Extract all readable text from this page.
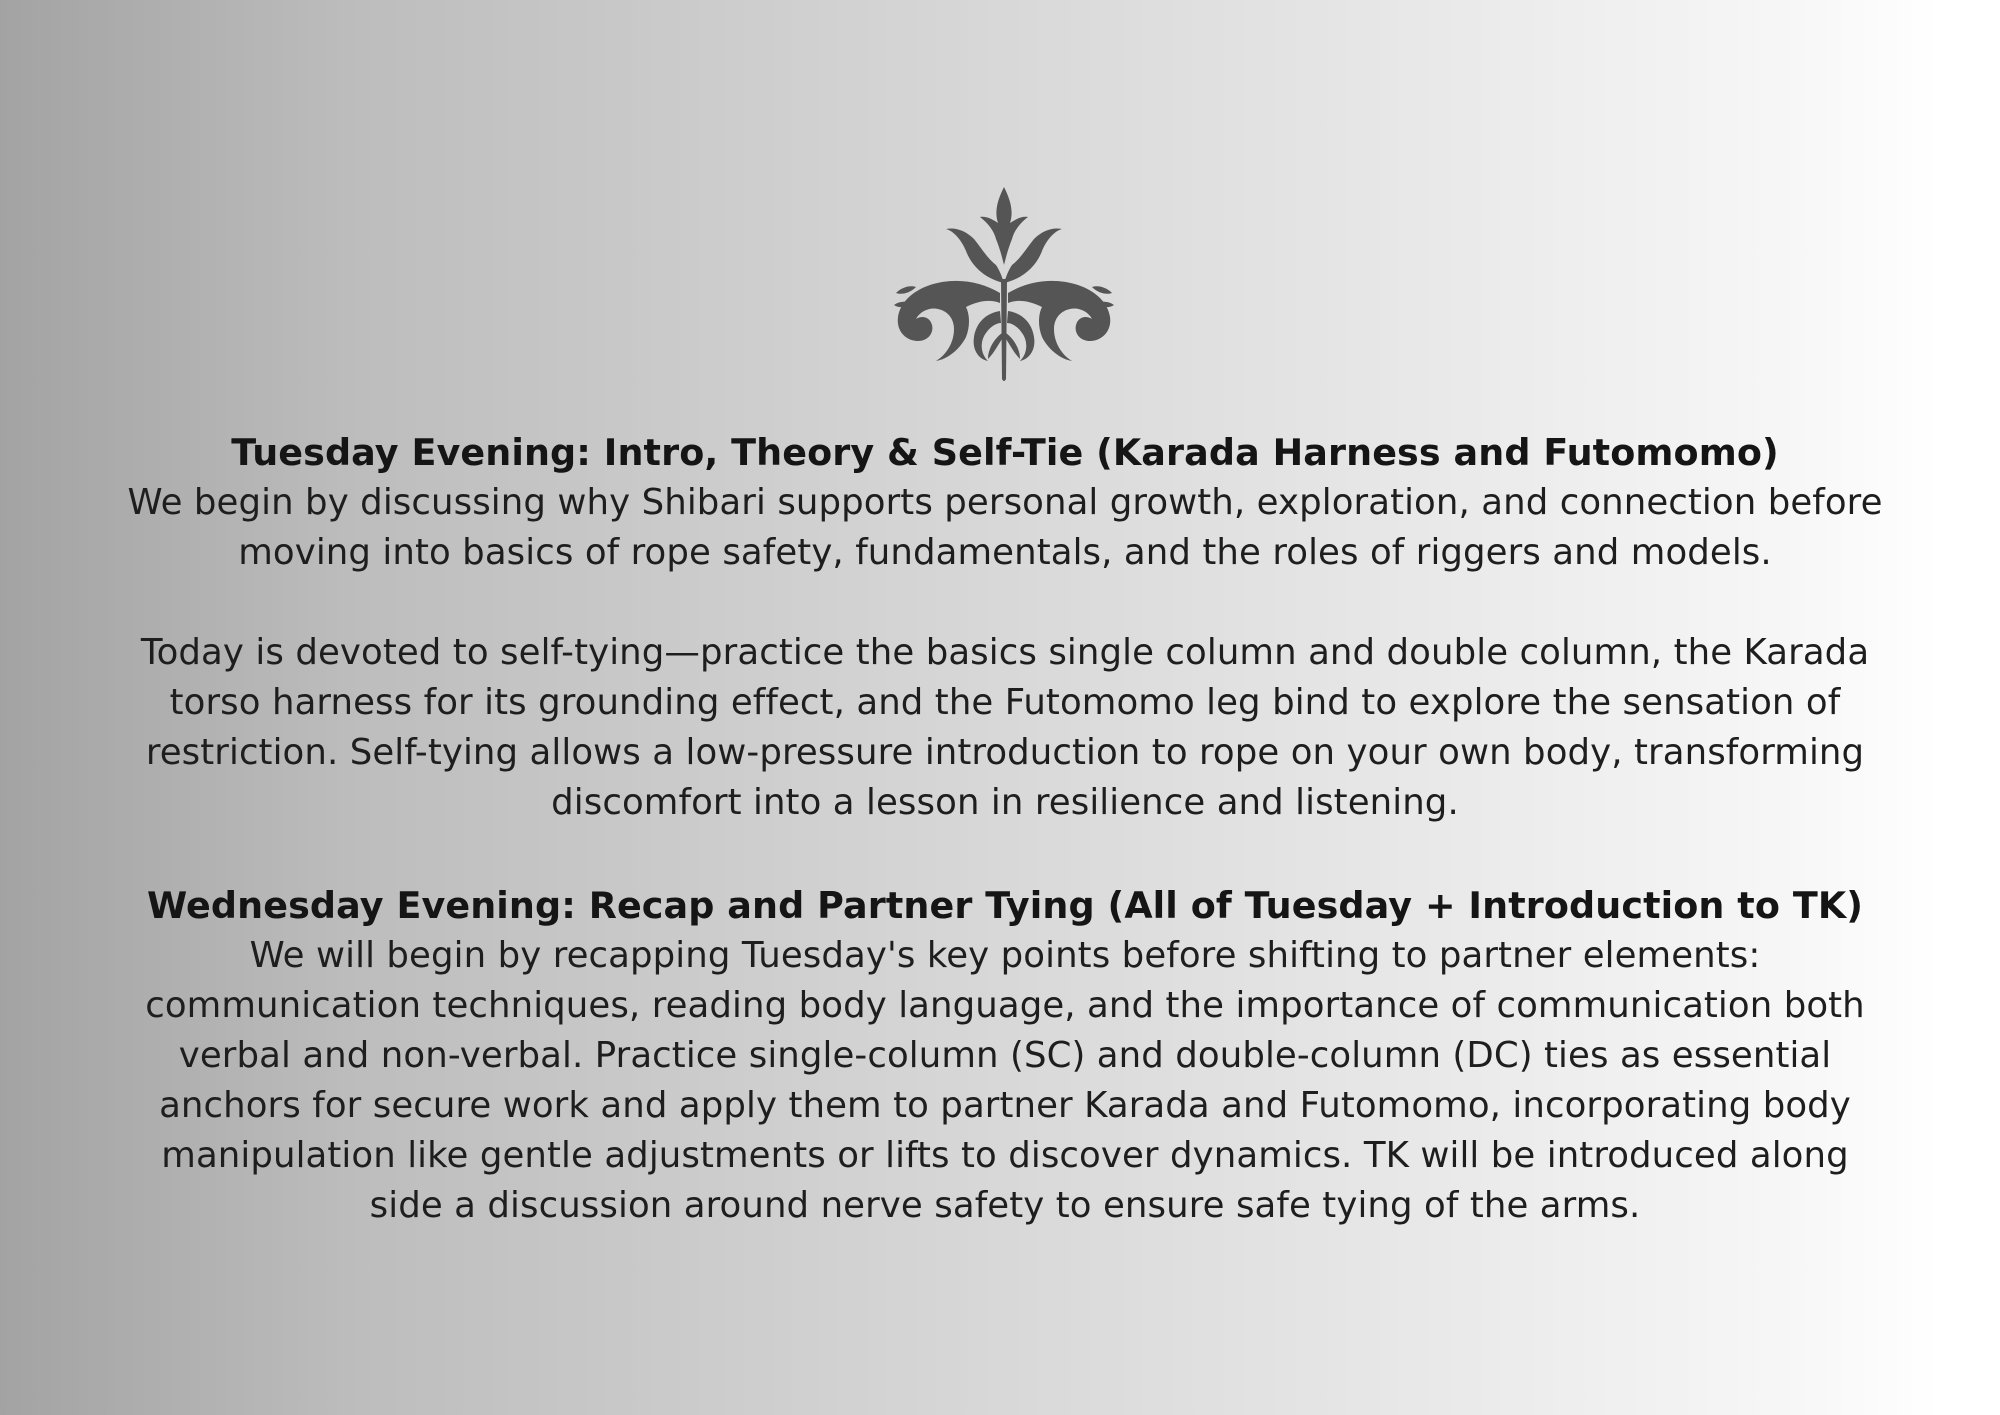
Tuesday Evening: Intro, Theory & Self-Tie (Karada Harness and Futomomo)

We begin by discussing why Shibari supports personal growth, exploration, and connection before
moving into basics of rope safety, fundamentals, and the roles of riggers and models.

Today is devoted to self-tying—practice the basics single column and double column, the Karada
torso harness for its grounding effect, and the Futomomo leg bind to explore the sensation of
restriction. Self-tying allows a low-pressure introduction to rope on your own body, transforming
discomfort into a lesson in resilience and listening.

Wednesday Evening: Recap and Partner Tying (All of Tuesday + Introduction to TK)

We will begin by recapping Tuesday's key points before shifting to partner elements:
communication techniques, reading body language, and the importance of communication both
verbal and non-verbal. Practice single-column (SC) and double-column (DC) ties as essential
anchors for secure work and apply them to partner Karada and Futomomo, incorporating body
manipulation like gentle adjustments or lifts to discover dynamics. TK will be introduced along
side a discussion around nerve safety to ensure safe tying of the arms.
